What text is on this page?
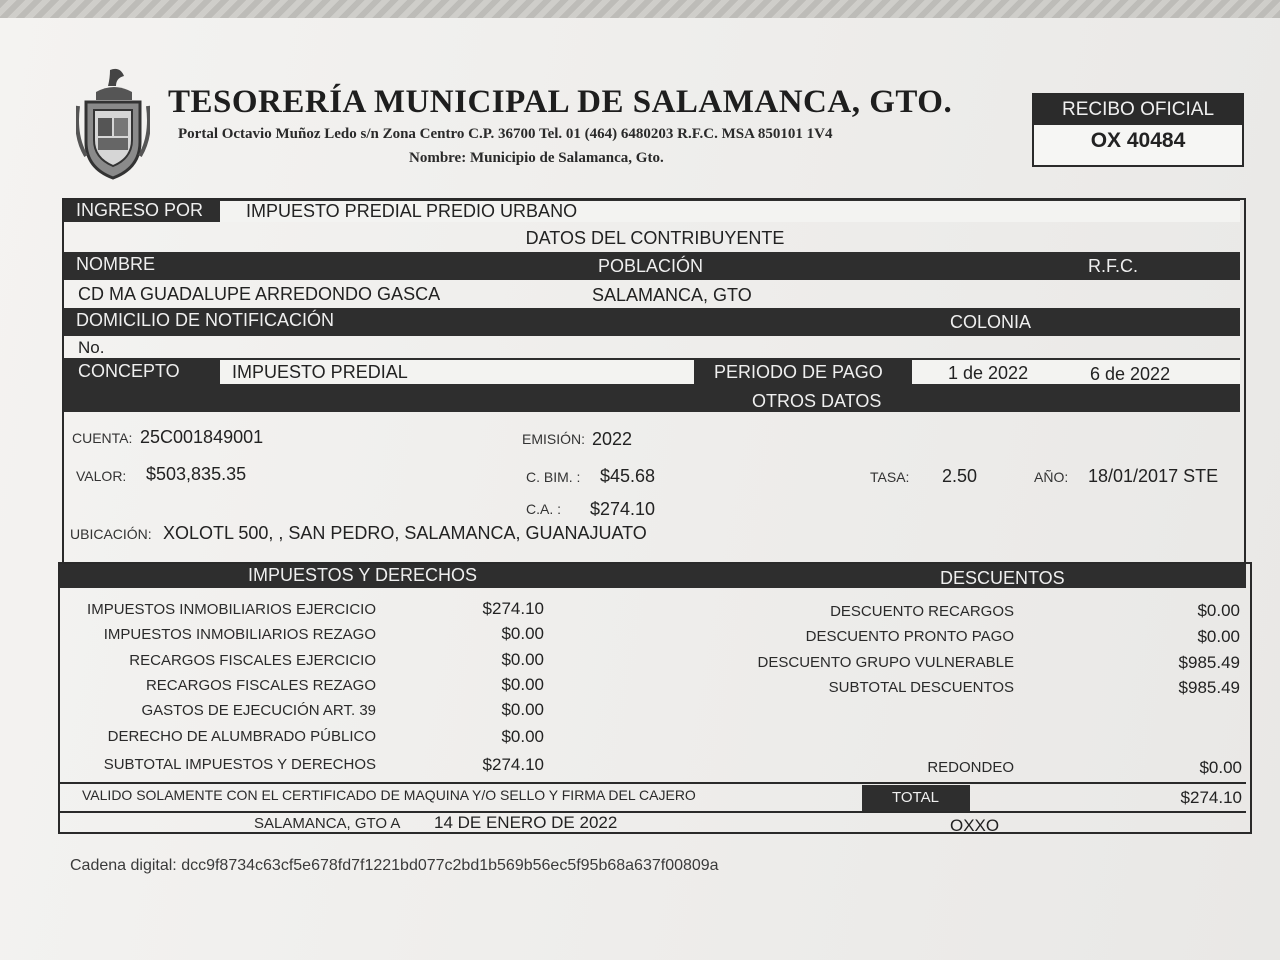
TESORERÍA MUNICIPAL DE SALAMANCA, GTO.
Portal Octavio Muñoz Ledo s/n Zona Centro C.P. 36700 Tel. 01 (464) 6480203 R.F.C. MSA 850101 1V4
Nombre: Municipio de Salamanca, Gto.
RECIBO OFICIAL
OX 40484
INGRESO POR IMPUESTO PREDIAL PREDIO URBANO
DATOS DEL CONTRIBUYENTE
NOMBRE	POBLACIÓN	R.F.C.
CD MA GUADALUPE ARREDONDO GASCA	SALAMANCA, GTO
DOMICILIO DE NOTIFICACIÓN	COLONIA
No.
CONCEPTO	IMPUESTO PREDIAL	PERIODO DE PAGO	1 de 2022	6 de 2022
OTROS DATOS
CUENTA: 25C001849001	EMISIÓN: 2022
VALOR: $503,835.35	C. BIM. : $45.68	TASA: 2.50	AÑO: 18/01/2017 STE
C.A. : $274.10
UBICACIÓN: XOLOTL 500, , SAN PEDRO, SALAMANCA, GUANAJUATO
IMPUESTOS Y DERECHOS	DESCUENTOS
IMPUESTOS INMOBILIARIOS EJERCICIO	$274.10
IMPUESTOS INMOBILIARIOS REZAGO	$0.00
RECARGOS FISCALES EJERCICIO	$0.00
RECARGOS FISCALES REZAGO	$0.00
GASTOS DE EJECUCIÓN ART. 39	$0.00
DERECHO DE ALUMBRADO PÚBLICO	$0.00
SUBTOTAL IMPUESTOS Y DERECHOS	$274.10
DESCUENTO RECARGOS	$0.00
DESCUENTO PRONTO PAGO	$0.00
DESCUENTO GRUPO VULNERABLE	$985.49
SUBTOTAL DESCUENTOS	$985.49
REDONDEO	$0.00
VALIDO SOLAMENTE CON EL CERTIFICADO DE MAQUINA Y/O SELLO Y FIRMA DEL CAJERO	TOTAL	$274.10
SALAMANCA, GTO A 14 DE ENERO DE 2022	OXXO
Cadena digital: dcc9f8734c63cf5e678fd7f1221bd077c2bd1b569b56ec5f95b68a637f00809a
